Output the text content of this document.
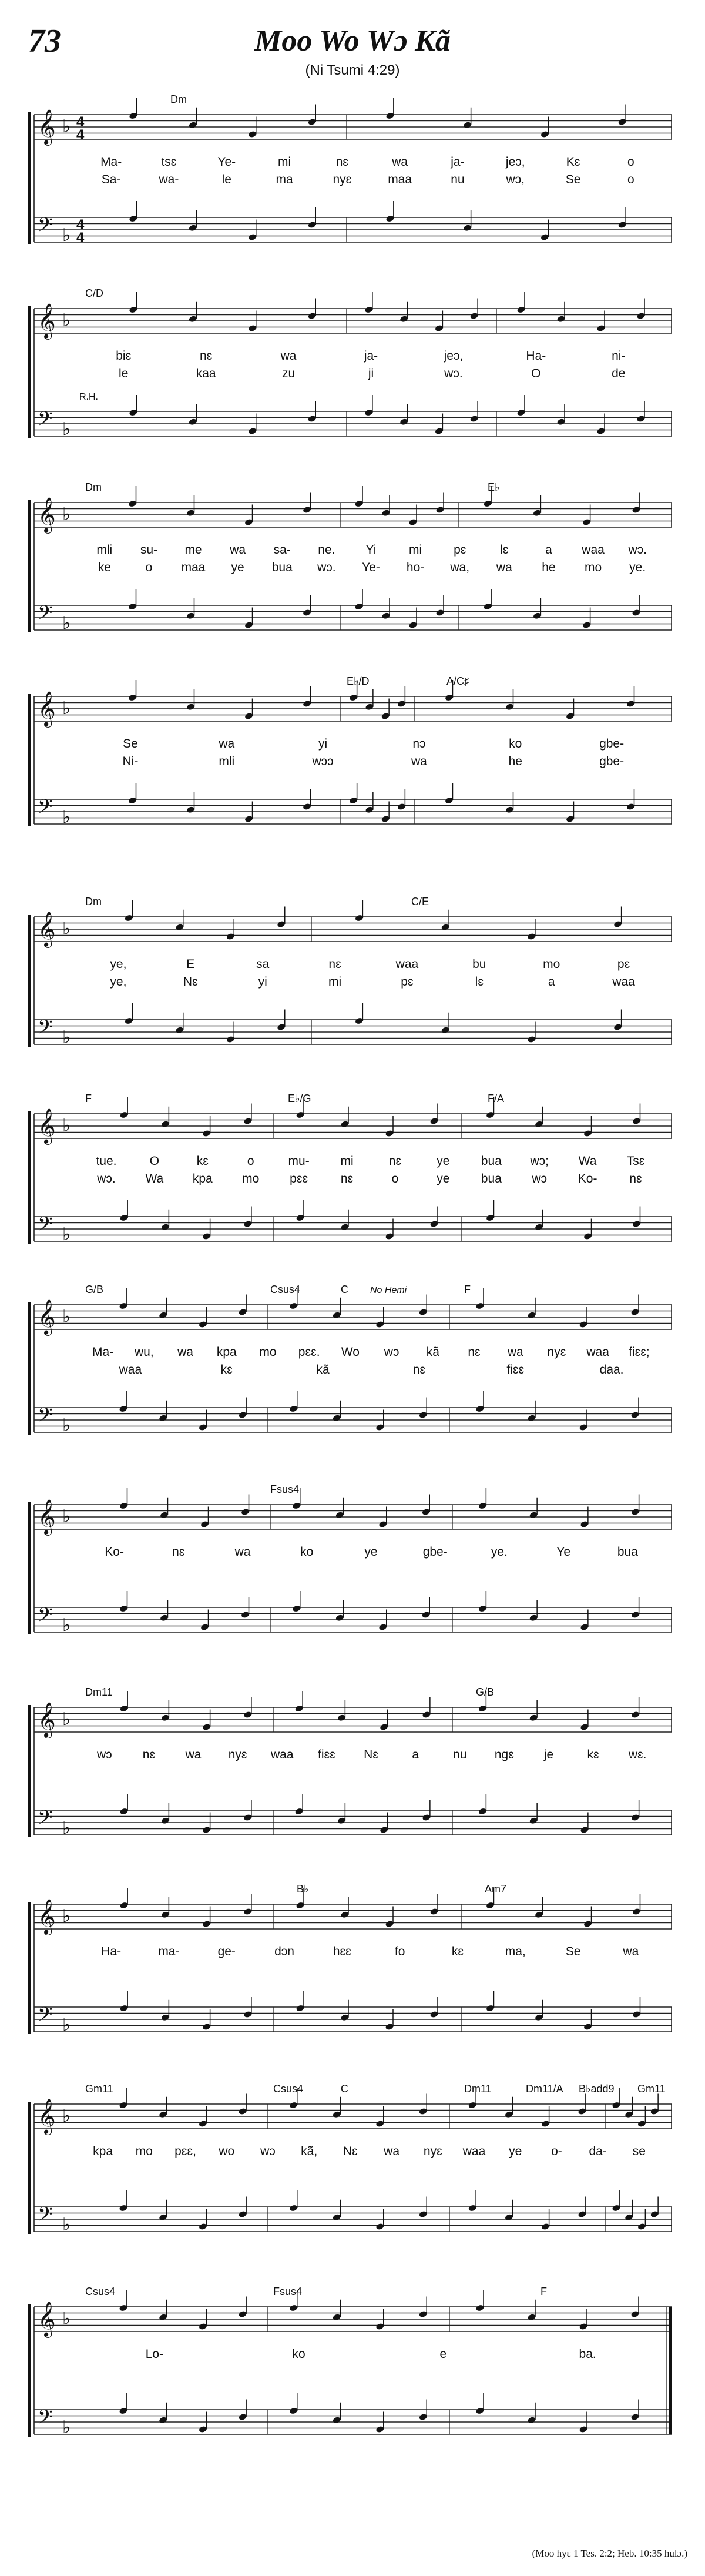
73	Moo Wo Wɔ Kã
(Ni Tsumi 4:29)
𝄞 ♭ 4
4
𝄢 ♭
4
4
Dm
Ma-	tsɛ	Ye-	mi	nɛ	wa	ja-	jeɔ,	Kɛ	o
Sa-	wa-	le	ma	nyɛ	maa	nu	wɔ,	Se	o
𝄞 ♭
𝄢 ♭
C/D
R.H.
biɛ	nɛ	wa	ja-	jeɔ,	Ha-	ni-
le	kaa	zu	ji	wɔ.	O	de
𝄞 ♭
𝄢 ♭
Dm	E♭
mli su- me wa sa- ne. Yi	mi	pɛ	lɛ	a waa wɔ.
ke	o maa ye bua wɔ. Ye- ho- wa, wa he mo ye.
𝄞 ♭
𝄢 ♭
E♭/D	A/C♯
Se	wa	yi	nɔ	ko	gbe-
Ni-	mli	wɔɔ	wa	he	gbe-
𝄞 ♭
𝄢 ♭
Dm	C/E
ye,	E	sa	nɛ	waa	bu	mo	pɛ
ye,	Nɛ	yi	mi	pɛ	lɛ	a	waa
𝄞 ♭
𝄢 ♭
F	E♭/G	F/A
tue.	O	kɛ	o	mu-	mi	nɛ	ye	bua wɔ; Wa Tsɛ
wɔ. Wa kpa mo pɛɛ	nɛ	o	ye	bua wɔ	Ko-	nɛ
𝄞 ♭
𝄢 ♭
G/B	Csus4	C	F
No Hemi
Ma- wu, wa kpa mo pɛɛ. Wo wɔ kã nɛ wa nyɛ waa fiɛɛ;
waa	kɛ	kã	nɛ	fiɛɛ	daa.
𝄞 ♭
𝄢 ♭
Fsus4
Ko-	nɛ	wa	ko	ye	gbe-	ye.	Ye	bua
𝄞 ♭
𝄢 ♭
Dm11	G/B
wɔ nɛ wa nyɛ waa fiɛɛ Nɛ	a	nu ngɛ je	kɛ wɛ.
𝄞 ♭
𝄢 ♭
B♭	Am7
Ha-	ma-	ge-	dɔn	hɛɛ	fo	kɛ	ma,	Se	wa
𝄞 ♭
𝄢 ♭
Gm11	Csus4	C	Dm11	Dm11/A B♭add9 Gm11
kpa mo pɛɛ, wo wɔ kã, Nɛ wa nyɛ waa ye o- da- se
𝄞 ♭
𝄢 ♭
Csus4	Fsus4	F
Lo-	ko	e	ba.
(Moo hyɛ 1 Tes. 2:2; Heb. 10:35 hulɔ.)
